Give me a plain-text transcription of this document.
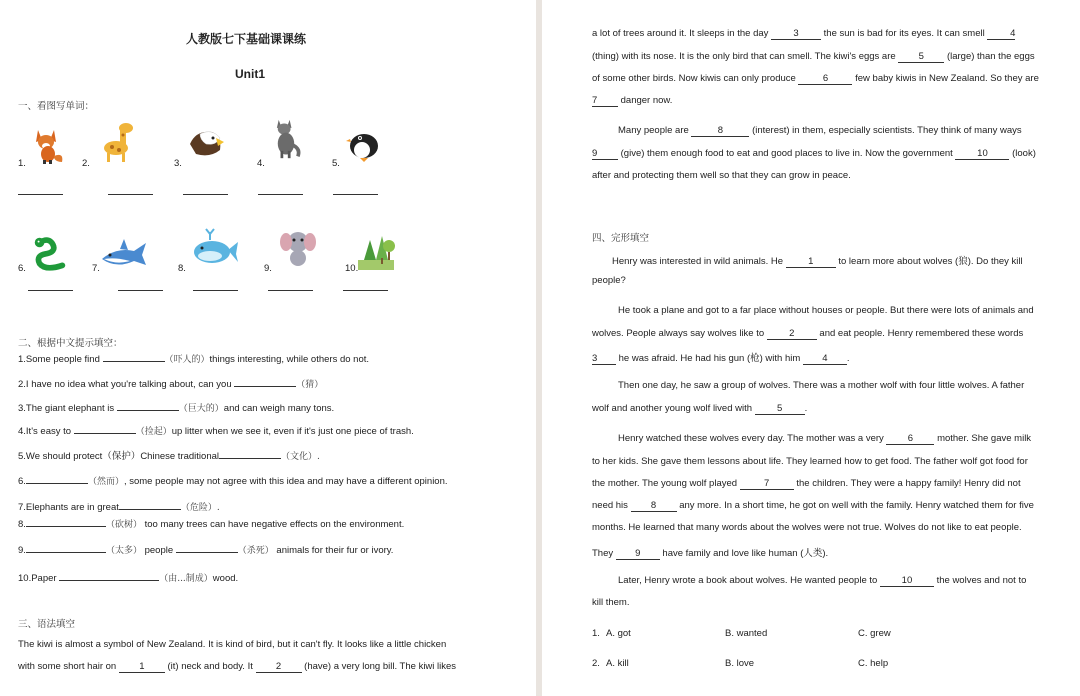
人教版七下基础课课练
Unit1
一、看图写单词：
1.	2.	3.	4.	5.
6.	7.	8.	9.	10.
二、根据中文提示填空：
1.Some people find	（吓人的）things interesting, while others do not.
2.I have no idea what you're talking about, can you	（猜）
3.The giant elephant is	（巨大的）and can weigh many tons.
4.It's easy to	（捡起）up litter when we see it, even if it's just one piece of trash.
5.We should protect（保护）Chinese traditional	（文化）.
6.	（然而）, some people may not agree with this idea and may have a different opinion.
7.Elephants are in great	（危险）.
8.	（砍树） too many trees can have negative effects on the environment.
9.	（太多） people	（杀死） animals for their fur or ivory.
10.Paper	（由...制成）wood.
三、语法填空
The kiwi is almost a symbol of New Zealand. It is kind of bird, but it can't fly. It looks like a little chicken
with some short hair on 1 (it) neck and body. It 2 (have) a very long bill. The kiwi likes
a lot of trees around it. It sleeps in the day	3	the sun is bad for its eyes. It can smell	4
(thing) with its nose. It is the only bird that can smell. The kiwi's eggs are 5 (large) than the eggs
of some other birds. Now kiwis can only produce	6	few baby kiwis in New Zealand. So they are
7 danger now.
Many people are	8	(interest) in them, especially scientists. They think of many ways
9 (give) them enough food to eat and good places to live in. Now the government	10	(look)
after and protecting them well so that they can grow in peace.
四、完形填空
Henry was interested in wild animals. He	1	to learn more about wolves (狼). Do they kill
people?
He took a plane and got to a far place without houses or people. But there were lots of animals and
wolves. People always say wolves like to	2	and eat people. Henry remembered these words
3 he was afraid. He had his gun (枪) with him 4 .
Then one day, he saw a group of wolves. There was a mother wolf with four little wolves. A father
wolf and another young wolf lived with	5 .
Henry watched these wolves every day. The mother was a very	6	mother. She gave milk
to her kids. She gave them lessons about life. They learned how to get food. The father wolf got food for
the mother. The young wolf played	7	the children. They were a happy family! Henry did not
need his 8 any more. In a short time, he got on well with the family. Henry watched them for five
months. He learned that many words about the wolves were not true. Wolves do not like to eat people.
They 9 have family and love like human (人类).
Later, Henry wrote a book about wolves. He wanted people to	10	the wolves and not to
kill them.
1. A. got	B. wanted	C. grew
2. A. kill	B. love	C. help
